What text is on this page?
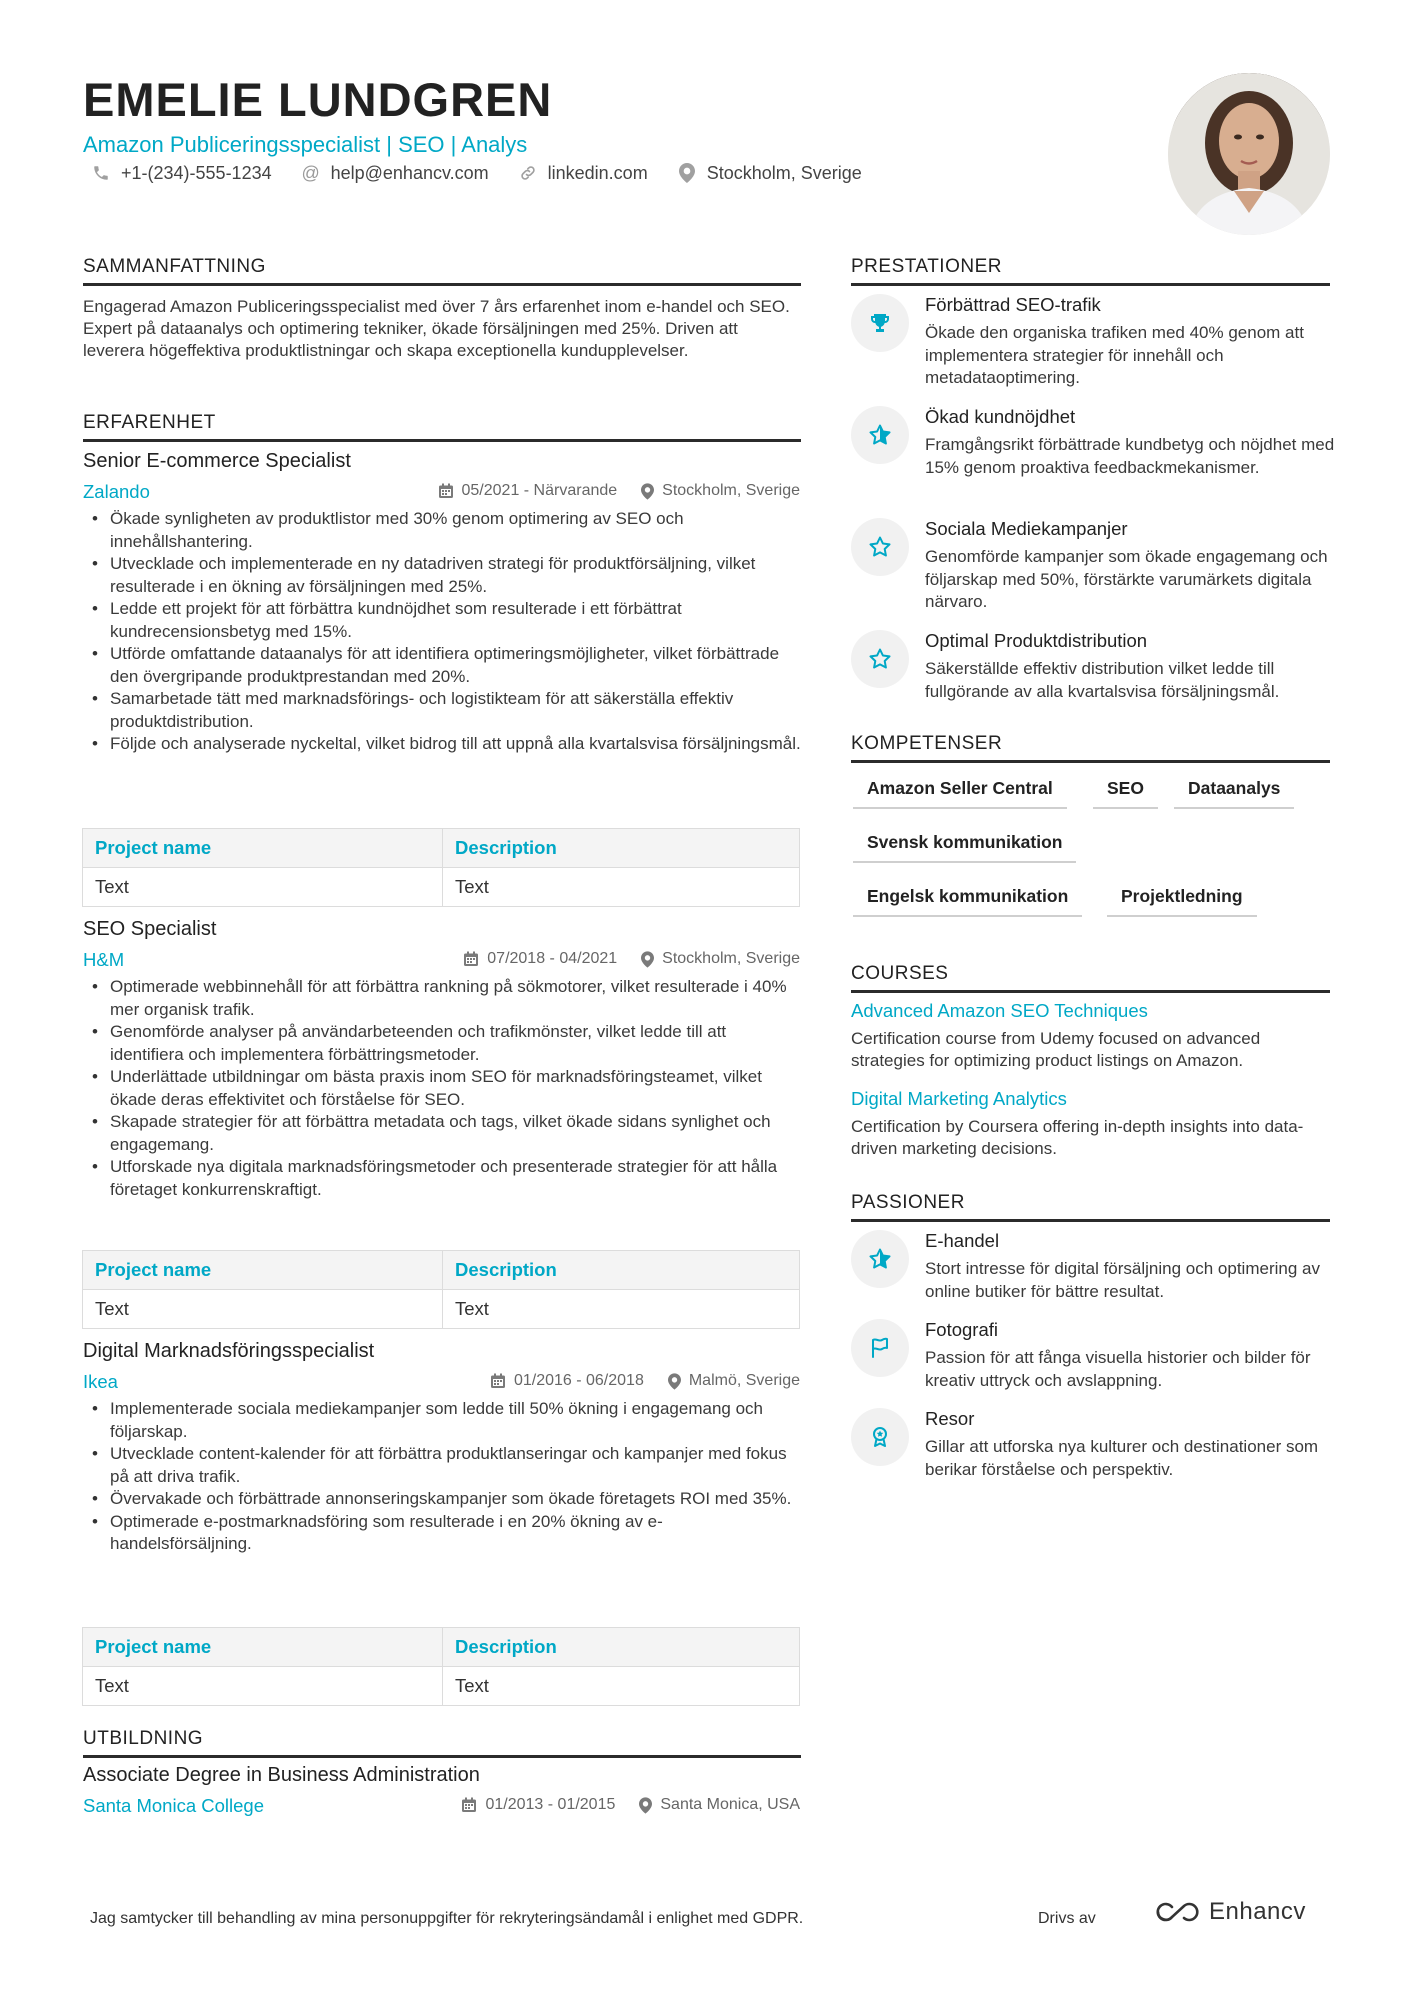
EMELIE LUNDGREN
Amazon Publiceringsspecialist | SEO | Analys
+1-(234)-555-1234 @ help@enhancv.com	linkedin.com	Stockholm, Sverige
SAMMANFATTNING
Engagerad Amazon Publiceringsspecialist med över 7 års erfarenhet inom e-handel och SEO. Expert på dataanalys och optimering tekniker, ökade försäljningen med 25%. Driven att leverera högeffektiva produktlistningar och skapa exceptionella kundupplevelser.
ERFARENHET
Senior E-commerce Specialist
Zalando	05/2021 - Närvarande	Stockholm, Sverige
• Ökade synligheten av produktlistor med 30% genom optimering av SEO och innehållshantering.
• Utvecklade och implementerade en ny datadriven strategi för produktförsäljning, vilket resulterade i en ökning av försäljningen med 25%.
• Ledde ett projekt för att förbättra kundnöjdhet som resulterade i ett förbättrat kundrecensionsbetyg med 15%.
• Utförde omfattande dataanalys för att identifiera optimeringsmöjligheter, vilket förbättrade den övergripande produktprestandan med 20%.
• Samarbetade tätt med marknadsförings- och logistikteam för att säkerställa effektiv produktdistribution.
• Följde och analyserade nyckeltal, vilket bidrog till att uppnå alla kvartalsvisa försäljningsmål.
Project name	Description
Text	Text
SEO Specialist
H&M	07/2018 - 04/2021	Stockholm, Sverige
• Optimerade webbinnehåll för att förbättra rankning på sökmotorer, vilket resulterade i 40% mer organisk trafik.
• Genomförde analyser på användarbeteenden och trafikmönster, vilket ledde till att identifiera och implementera förbättringsmetoder.
• Underlättade utbildningar om bästa praxis inom SEO för marknadsföringsteamet, vilket ökade deras effektivitet och förståelse för SEO.
• Skapade strategier för att förbättra metadata och tags, vilket ökade sidans synlighet och engagemang.
• Utforskade nya digitala marknadsföringsmetoder och presenterade strategier för att hålla företaget konkurrenskraftigt.
Project name	Description
Text	Text
Digital Marknadsföringsspecialist
Ikea	01/2016 - 06/2018	Malmö, Sverige
• Implementerade sociala mediekampanjer som ledde till 50% ökning i engagemang och följarskap.
• Utvecklade content-kalender för att förbättra produktlanseringar och kampanjer med fokus på att driva trafik.
• Övervakade och förbättrade annonseringskampanjer som ökade företagets ROI med 35%.
• Optimerade e-postmarknadsföring som resulterade i en 20% ökning av e-handelsförsäljning.
Project name	Description
Text	Text
UTBILDNING
Associate Degree in Business Administration
Santa Monica College	01/2013 - 01/2015	Santa Monica, USA
PRESTATIONER
Förbättrad SEO-trafik
Ökade den organiska trafiken med 40% genom att implementera strategier för innehåll och metadataoptimering.
Ökad kundnöjdhet
Framgångsrikt förbättrade kundbetyg och nöjdhet med 15% genom proaktiva feedbackmekanismer.
Sociala Mediekampanjer
Genomförde kampanjer som ökade engagemang och följarskap med 50%, förstärkte varumärkets digitala närvaro.
Optimal Produktdistribution
Säkerställde effektiv distribution vilket ledde till fullgörande av alla kvartalsvisa försäljningsmål.
KOMPETENSER
Amazon Seller Central	SEO	Dataanalys
Svensk kommunikation
Engelsk kommunikation	Projektledning
COURSES
Advanced Amazon SEO Techniques
Certification course from Udemy focused on advanced strategies for optimizing product listings on Amazon.
Digital Marketing Analytics
Certification by Coursera offering in-depth insights into data-driven marketing decisions.
PASSIONER
E-handel
Stort intresse för digital försäljning och optimering av online butiker för bättre resultat.
Fotografi
Passion för att fånga visuella historier och bilder för kreativ uttryck och avslappning.
Resor
Gillar att utforska nya kulturer och destinationer som berikar förståelse och perspektiv.
Jag samtycker till behandling av mina personuppgifter för rekryteringsändamål i enlighet med GDPR.	Drivs av	Enhancv
